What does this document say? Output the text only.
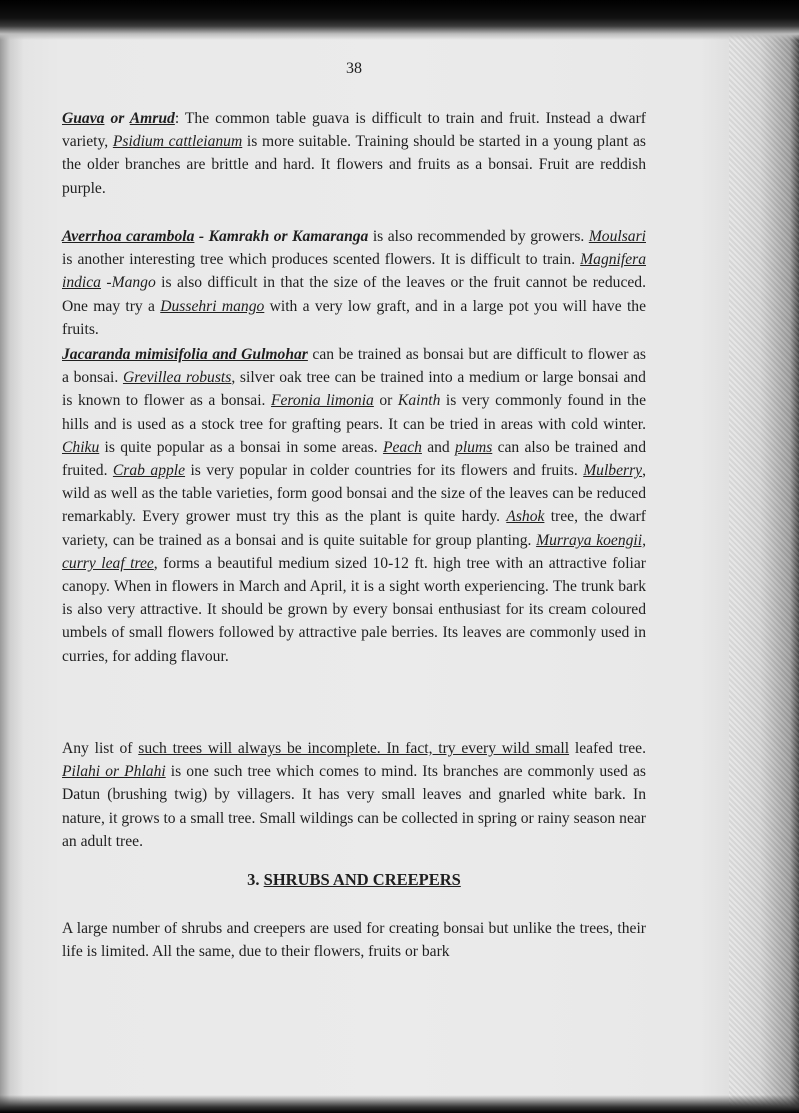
38

Guava or Amrud: The common table guava is difficult to train and fruit. Instead a dwarf variety, Psidium cattleianum is more suitable. Training should be started in a young plant as the older branches are brittle and hard. It flowers and fruits as a bonsai. Fruit are reddish purple.

Averrhoa carambola - Kamrakh or Kamaranga is also recommended by growers. Moulsari is another interesting tree which produces scented flowers. It is difficult to train. Magnifera indica -Mango is also difficult in that the size of the leaves or the fruit cannot be reduced. One may try a Dussehri mango with a very low graft, and in a large pot you will have the fruits.

Jacaranda mimisifolia and Gulmohar can be trained as bonsai but are difficult to flower as a bonsai. Grevillea robusts, silver oak tree can be trained into a medium or large bonsai and is known to flower as a bonsai. Feronia limonia or Kainth is very commonly found in the hills and is used as a stock tree for grafting pears. It can be tried in areas with cold winter. Chiku is quite popular as a bonsai in some areas. Peach and plums can also be trained and fruited. Crab apple is very popular in colder countries for its flowers and fruits. Mulberry, wild as well as the table varieties, form good bonsai and the size of the leaves can be reduced remarkably. Every grower must try this as the plant is quite hardy. Ashok tree, the dwarf variety, can be trained as a bonsai and is quite suitable for group planting. Murraya koengii, curry leaf tree, forms a beautiful medium sized 10-12 ft. high tree with an attractive foliar canopy. When in flowers in March and April, it is a sight worth experiencing. The trunk bark is also very attractive. It should be grown by every bonsai enthusiast for its cream coloured umbels of small flowers followed by attractive pale berries. Its leaves are commonly used in curries, for adding flavour.

Any list of such trees will always be incomplete. In fact, try every wild small leafed tree. Pilahi or Phlahi is one such tree which comes to mind. Its branches are commonly used as Datun (brushing twig) by villagers. It has very small leaves and gnarled white bark. In nature, it grows to a small tree. Small wildings can be collected in spring or rainy season near an adult tree.

3. SHRUBS AND CREEPERS

A large number of shrubs and creepers are used for creating bonsai but unlike the trees, their life is limited. All the same, due to their flowers, fruits or bark
